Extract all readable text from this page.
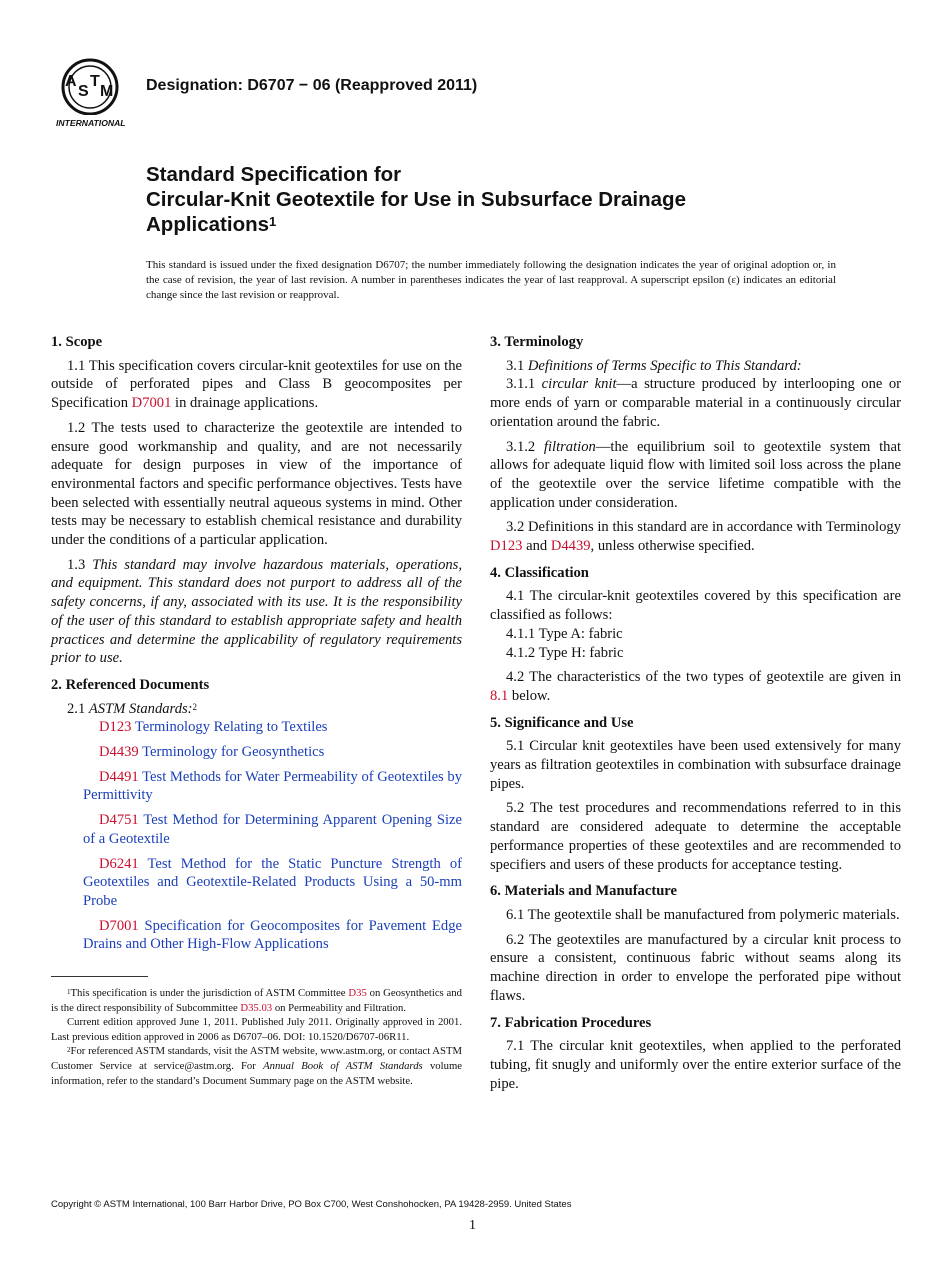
A
S
T
M
INTERNATIONAL
Designation: D6707 − 06 (Reapproved 2011)
Standard Specification for
Circular-Knit Geotextile for Use in Subsurface Drainage
Applications$^1$
This standard is issued under the fixed designation D6707; the number immediately following the designation indicates the year of original adoption or, in the case of revision, the year of last revision. A number in parentheses indicates the year of last reapproval. A superscript epsilon (ε) indicates an editorial change since the last revision or reapproval.
1. Scope

1.1 This specification covers circular-knit geotextiles for use on the outside of perforated pipes and Class B geocomposites per Specification D7001 in drainage applications.

1.2 The tests used to characterize the geotextile are intended to ensure good workmanship and quality, and are not necessarily adequate for design purposes in view of the importance of environmental factors and specific performance objectives. Tests have been selected with essentially neutral aqueous systems in mind. Other tests may be necessary to establish chemical resistance and durability under the conditions of a particular application.

1.3 This standard may involve hazardous materials, operations, and equipment. This standard does not purport to address all of the safety concerns, if any, associated with its use. It is the responsibility of the user of this standard to establish appropriate safety and health practices and determine the applicability of regulatory requirements prior to use.

2. Referenced Documents

2.1 ASTM Standards:$^2$

D123 Terminology Relating to Textiles

D4439 Terminology for Geosynthetics

D4491 Test Methods for Water Permeability of Geotextiles by Permittivity

D4751 Test Method for Determining Apparent Opening Size of a Geotextile

D6241 Test Method for the Static Puncture Strength of Geotextiles and Geotextile-Related Products Using a 50-mm Probe

D7001 Specification for Geocomposites for Pavement Edge Drains and Other High-Flow Applications

$^1$This specification is under the jurisdiction of ASTM Committee D35 on Geosynthetics and is the direct responsibility of Subcommittee D35.03 on Permeability and Filtration.

Current edition approved June 1, 2011. Published July 2011. Originally approved in 2001. Last previous edition approved in 2006 as D6707–06. DOI: 10.1520/D6707-06R11.

$^2$For referenced ASTM standards, visit the ASTM website, www.astm.org, or contact ASTM Customer Service at service@astm.org. For Annual Book of ASTM Standards volume information, refer to the standard’s Document Summary page on the ASTM website.

3. Terminology

3.1 Definitions of Terms Specific to This Standard:

3.1.1 circular knit—a structure produced by interlooping one or more ends of yarn or comparable material in a continuously circular orientation around the fabric.

3.1.2 filtration—the equilibrium soil to geotextile system that allows for adequate liquid flow with limited soil loss across the plane of the geotextile over the service lifetime compatible with the application under consideration.

3.2 Definitions in this standard are in accordance with Terminology D123 and D4439, unless otherwise specified.

4. Classification

4.1 The circular-knit geotextiles covered by this specification are classified as follows:

4.1.1 Type A: fabric

4.1.2 Type H: fabric

4.2 The characteristics of the two types of geotextile are given in 8.1 below.

5. Significance and Use

5.1 Circular knit geotextiles have been used extensively for many years as filtration geotextiles in combination with subsurface drainage pipes.

5.2 The test procedures and recommendations referred to in this standard are considered adequate to determine the acceptable performance properties of these geotextiles and are recommended to specifiers and users of these products for acceptance testing.

6. Materials and Manufacture

6.1 The geotextile shall be manufactured from polymeric materials.

6.2 The geotextiles are manufactured by a circular knit process to ensure a consistent, continuous fabric without seams along its machine direction in order to envelope the perforated pipe without flaws.

7. Fabrication Procedures

7.1 The circular knit geotextiles, when applied to the perforated tubing, fit snugly and uniformly over the entire exterior surface of the pipe.

Copyright © ASTM International, 100 Barr Harbor Drive, PO Box C700, West Conshohocken, PA 19428-2959. United States
1
